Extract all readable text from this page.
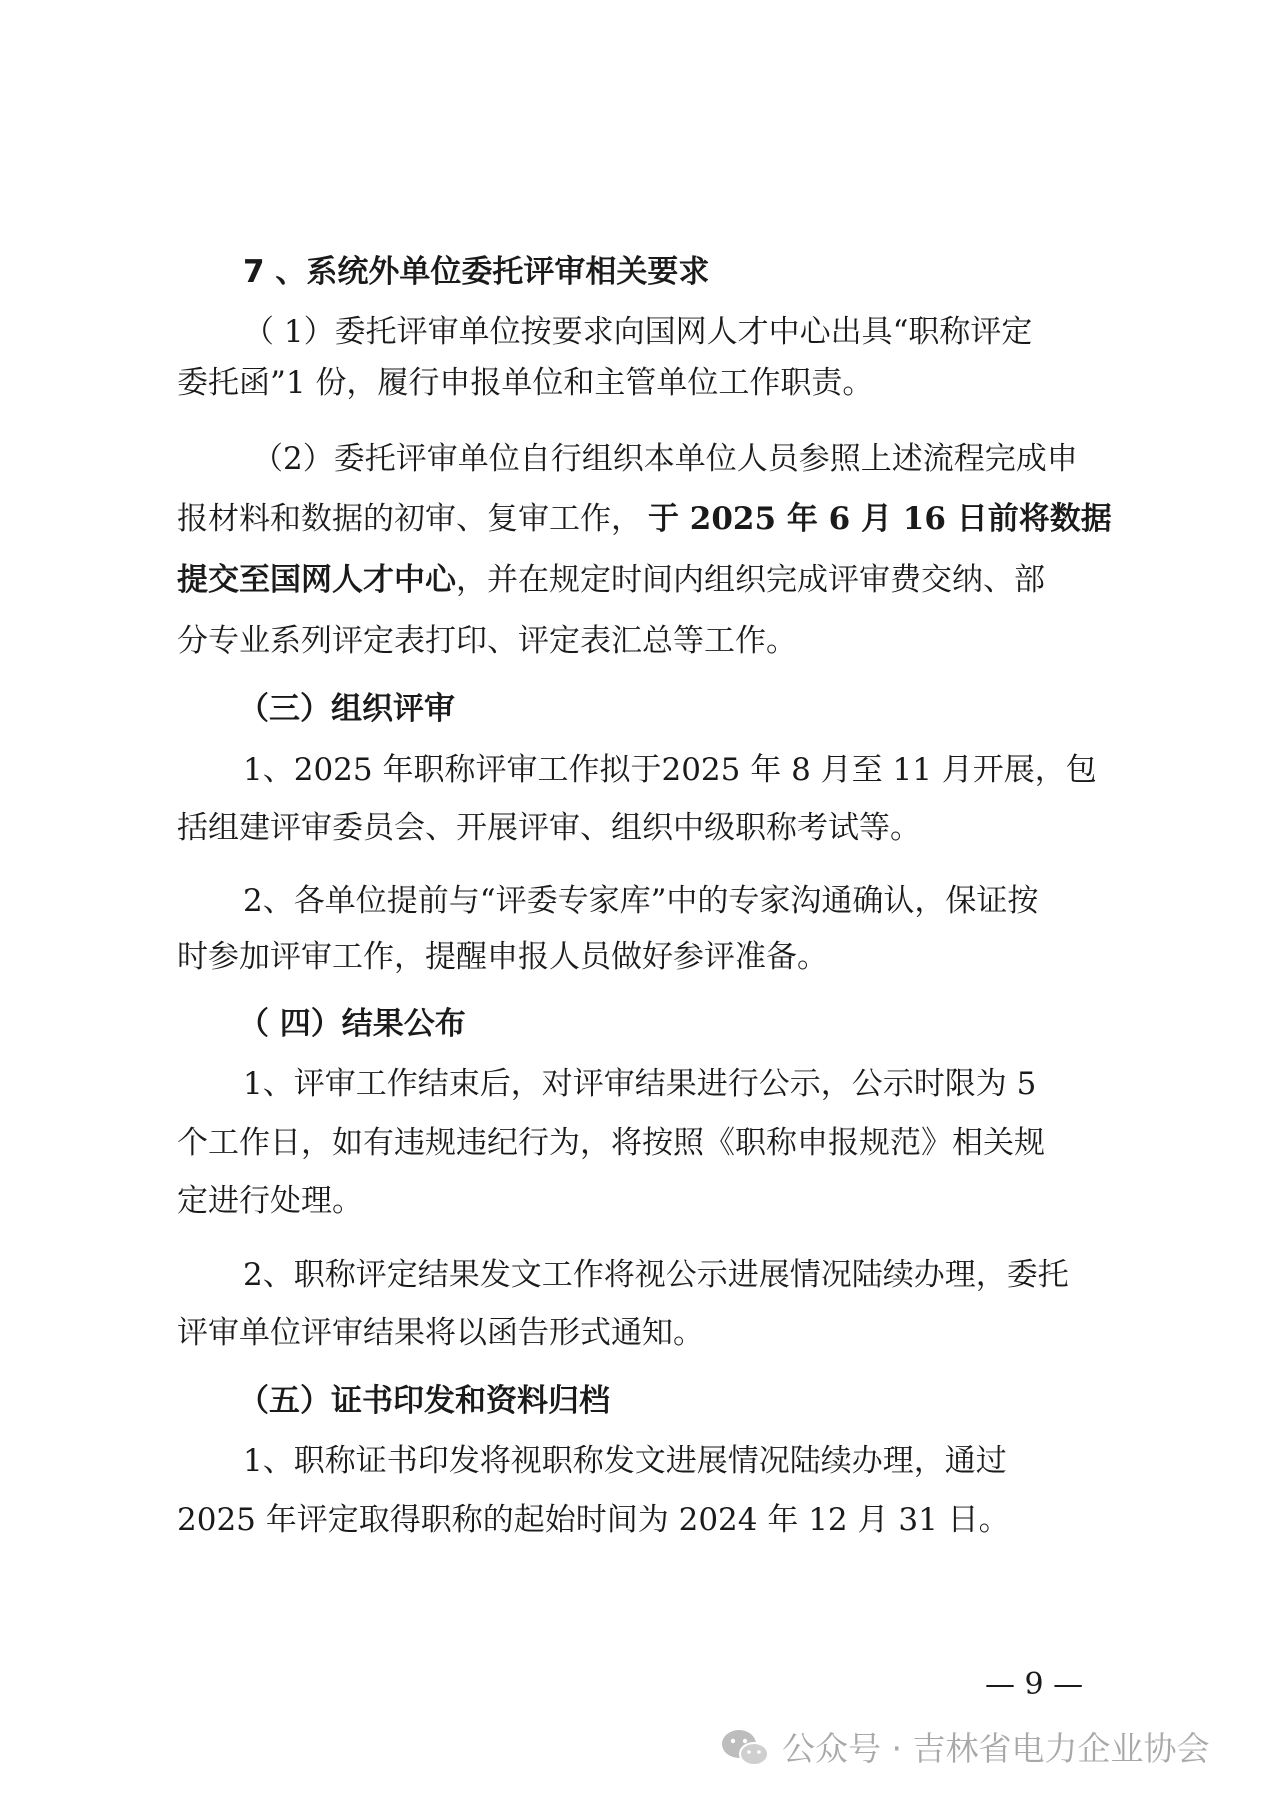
7 、系统外单位委托评审相关要求

（ 1）委托评审单位按要求向国网人才中心出具“职称评定

委托函”1 份，履行申报单位和主管单位工作职责。

（2）委托评审单位自行组织本单位人员参照上述流程完成申

报材料和数据的初审、复审工作， 于 2025 年 6 月 16 日前将数据

提交至国网人才中心 ，并在规定时间内组织完成评审费交纳、部

分专业系列评定表打印、评定表汇总等工作。

（三）组织评审

1、2025 年职称评审工作拟于2025 年 8 月至 11 月开展，包

括组建评审委员会、开展评审、组织中级职称考试等。

2、各单位提前与“评委专家库”中的专家沟通确认，保证按

时参加评审工作，提醒申报人员做好参评准备。

（ 四）结果公布

1、评审工作结束后，对评审结果进行公示，公示时限为 5

个工作日，如有违规违纪行为，将按照《职称申报规范》相关规

定进行处理。

2、职称评定结果发文工作将视公示进展情况陆续办理，委托

评审单位评审结果将以函告形式通知。

（五）证书印发和资料归档

1、职称证书印发将视职称发文进展情况陆续办理，通过

2025 年评定取得职称的起始时间为 2024 年 12 月 31 日。

— 9 —

公众号 · 吉林省电力企业协会
